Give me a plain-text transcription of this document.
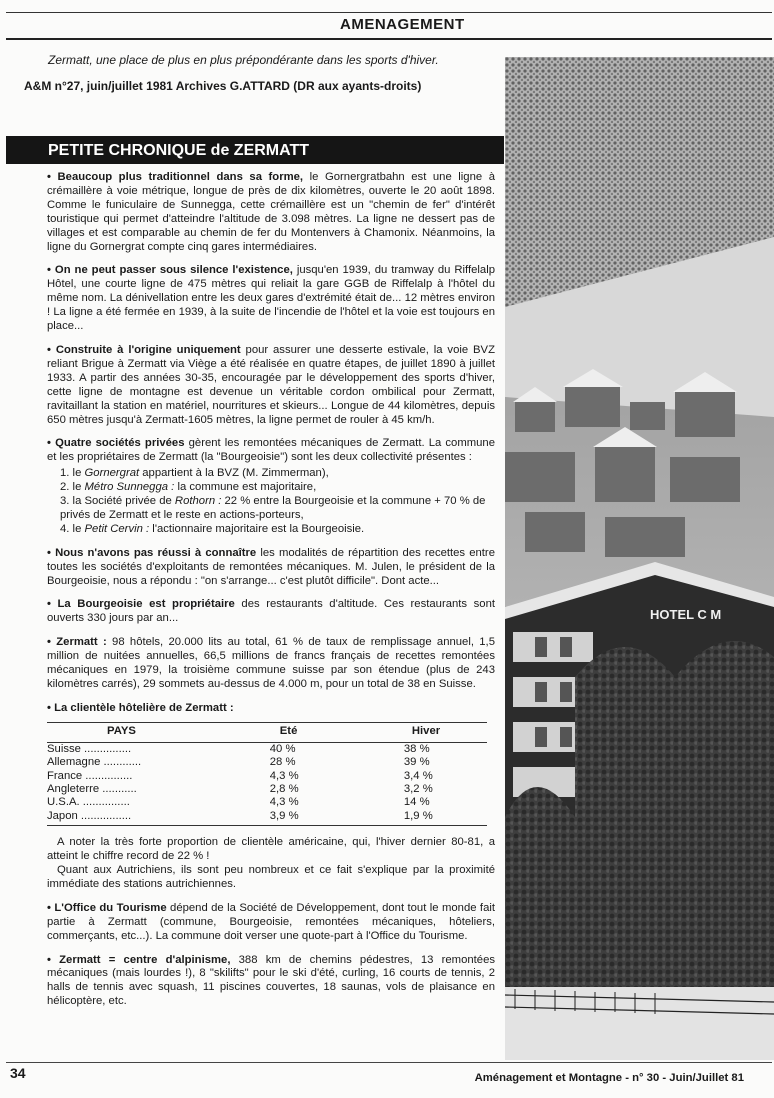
AMENAGEMENT
Zermatt, une place de plus en plus prépondérante dans les sports d'hiver.
A&M n°27, juin/juillet 1981 Archives G.ATTARD (DR aux ayants-droits)
PETITE CHRONIQUE de ZERMATT

• Beaucoup plus traditionnel dans sa forme, le Gornergratbahn est une ligne à crémaillère à voie métrique, longue de près de dix kilomètres, ouverte le 20 août 1898. Comme le funiculaire de Sunnegga, cette crémaillère est un "chemin de fer" d'intérêt touristique qui permet d'atteindre l'altitude de 3.098 mètres. La ligne ne dessert pas de villages et est comparable au chemin de fer du Montenvers à Chamonix. Néanmoins, la ligne du Gornergrat compte cinq gares intermédiaires.

• On ne peut passer sous silence l'existence, jusqu'en 1939, du tramway du Riffelalp Hôtel, une courte ligne de 475 mètres qui reliait la gare GGB de Riffelalp à l'hôtel du même nom. La dénivellation entre les deux gares d'extrémité était de... 12 mètres environ ! La ligne a été fermée en 1939, à la suite de l'incendie de l'hôtel et la voie est toujours en place...

• Construite à l'origine uniquement pour assurer une desserte estivale, la voie BVZ reliant Brigue à Zermatt via Viège a été réalisée en quatre étapes, de juillet 1890 à juillet 1933. A partir des années 30-35, encouragée par le développement des sports d'hiver, cette ligne de montagne est devenue un véritable cordon ombilical pour Zermatt, ravitaillant la station en matériel, nourritures et skieurs... Longue de 44 kilomètres, depuis 650 mètres jusqu'à Zermatt-1605 mètres, la ligne permet de rouler à 45 km/h.

• Quatre sociétés privées gèrent les remontées mécaniques de Zermatt. La commune et les propriétaires de Zermatt (la "Bourgeoisie") sont les deux collectivité présentes :

1. le Gornergrat appartient à la BVZ (M. Zimmerman),
2. le Métro Sunnegga : la commune est majoritaire,
3. la Société privée de Rothorn : 22 % entre la Bourgeoisie et la commune + 70 % de privés de Zermatt et le reste en actions-porteurs,
4. le Petit Cervin : l'actionnaire majoritaire est la Bourgeoisie.

• Nous n'avons pas réussi à connaître les modalités de répartition des recettes entre toutes les sociétés d'exploitants de remontées mécaniques. M. Julen, le président de la Bourgeoisie, nous a répondu : "on s'arrange... c'est plutôt difficile". Dont acte...

• La Bourgeoisie est propriétaire des restaurants d'altitude. Ces restaurants sont ouverts 330 jours par an...

• Zermatt : 98 hôtels, 20.000 lits au total, 61 % de taux de remplissage annuel, 1,5 million de nuitées annuelles, 66,5 millions de francs français de recettes remontées mécaniques en 1979, la troisième commune suisse par son étendue (plus de 243 kilomètres carrés), 29 sommets au-dessus de 4.000 m, pour un total de 38 en Suisse.

• La clientèle hôtelière de Zermatt :

PAYS	Eté	Hiver
Suisse ...............	40 %	38 %
Allemagne ............	28 %	39 %
France ...............	4,3 %	3,4 %
Angleterre ...........	2,8 %	3,2 %
U.S.A. ...............	4,3 %	14 %
Japon ................	3,9 %	1,9 %

A noter la très forte proportion de clientèle américaine, qui, l'hiver dernier 80-81, a atteint le chiffre record de 22 % !

Quant aux Autrichiens, ils sont peu nombreux et ce fait s'explique par la proximité immédiate des stations autrichiennes.

• L'Office du Tourisme dépend de la Société de Développement, dont tout le monde fait partie à Zermatt (commune, Bourgeoisie, remontées mécaniques, hôteliers, commerçants, etc...). La commune doit verser une quote-part à l'Office du Tourisme.

• Zermatt = centre d'alpinisme, 388 km de chemins pédestres, 13 remontées mécaniques (mais lourdes !), 8 "skilifts" pour le ski d'été, curling, 16 courts de tennis, 2 halls de tennis avec squash, 11 piscines couvertes, 18 saunas, vols de plaisance en hélicoptère, etc.

HOTEL C M
34	Aménagement et Montagne - n° 30 - Juin/Juillet 81
